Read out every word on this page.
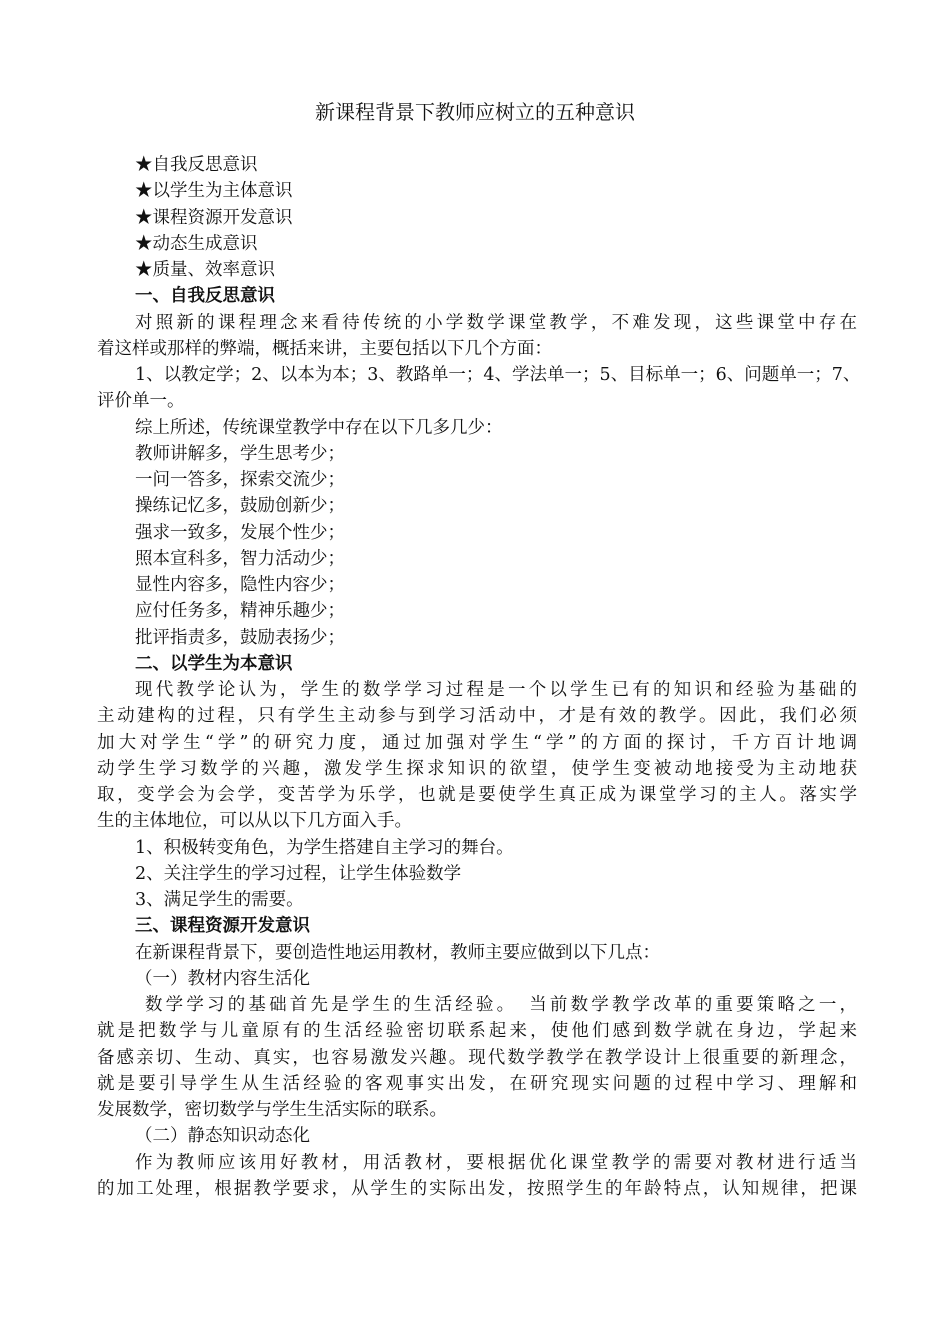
新课程背景下教师应树立的五种意识

★自我反思意识

★以学生为主体意识

★课程资源开发意识

★动态生成意识

★质量、效率意识

一、自我反思意识

对照新的课程理念来看待传统的小学数学课堂教学，不难发现，这些课堂中存在

着这样或那样的弊端，概括来讲，主要包括以下几个方面：

1、以教定学；2、以本为本；3、教路单一；4、学法单一；5、目标单一；6、问题单一；7、

评价单一。

综上所述，传统课堂教学中存在以下几多几少：

教师讲解多，学生思考少；

一问一答多，探索交流少；

操练记忆多，鼓励创新少；

强求一致多，发展个性少；

照本宣科多，智力活动少；

显性内容多，隐性内容少；

应付任务多，精神乐趣少；

批评指责多，鼓励表扬少；

二、以学生为本意识

现代教学论认为，学生的数学学习过程是一个以学生已有的知识和经验为基础的

主动建构的过程，只有学生主动参与到学习活动中，才是有效的教学。因此，我们必须

加大对学生“学”的研究力度，通过加强对学生“学”的方面的探讨，千方百计地调

动学生学习数学的兴趣，激发学生探求知识的欲望，使学生变被动地接受为主动地获

取，变学会为会学，变苦学为乐学，也就是要使学生真正成为课堂学习的主人。落实学

生的主体地位，可以从以下几方面入手。

1、积极转变角色，为学生搭建自主学习的舞台。

2、关注学生的学习过程，让学生体验数学

3、满足学生的需要。

三、课程资源开发意识

在新课程背景下，要创造性地运用教材，教师主要应做到以下几点：

（一）教材内容生活化

数学学习的基础首先是学生的生活经验。　当前数学教学改革的重要策略之一，

就是把数学与儿童原有的生活经验密切联系起来，使他们感到数学就在身边，学起来

备感亲切、生动、真实，也容易激发兴趣。现代数学教学在教学设计上很重要的新理念，

就是要引导学生从生活经验的客观事实出发，在研究现实问题的过程中学习、理解和

发展数学，密切数学与学生生活实际的联系。

（二）静态知识动态化

作为教师应该用好教材，用活教材，要根据优化课堂教学的需要对教材进行适当

的加工处理，根据教学要求，从学生的实际出发，按照学生的年龄特点，认知规律，把课
